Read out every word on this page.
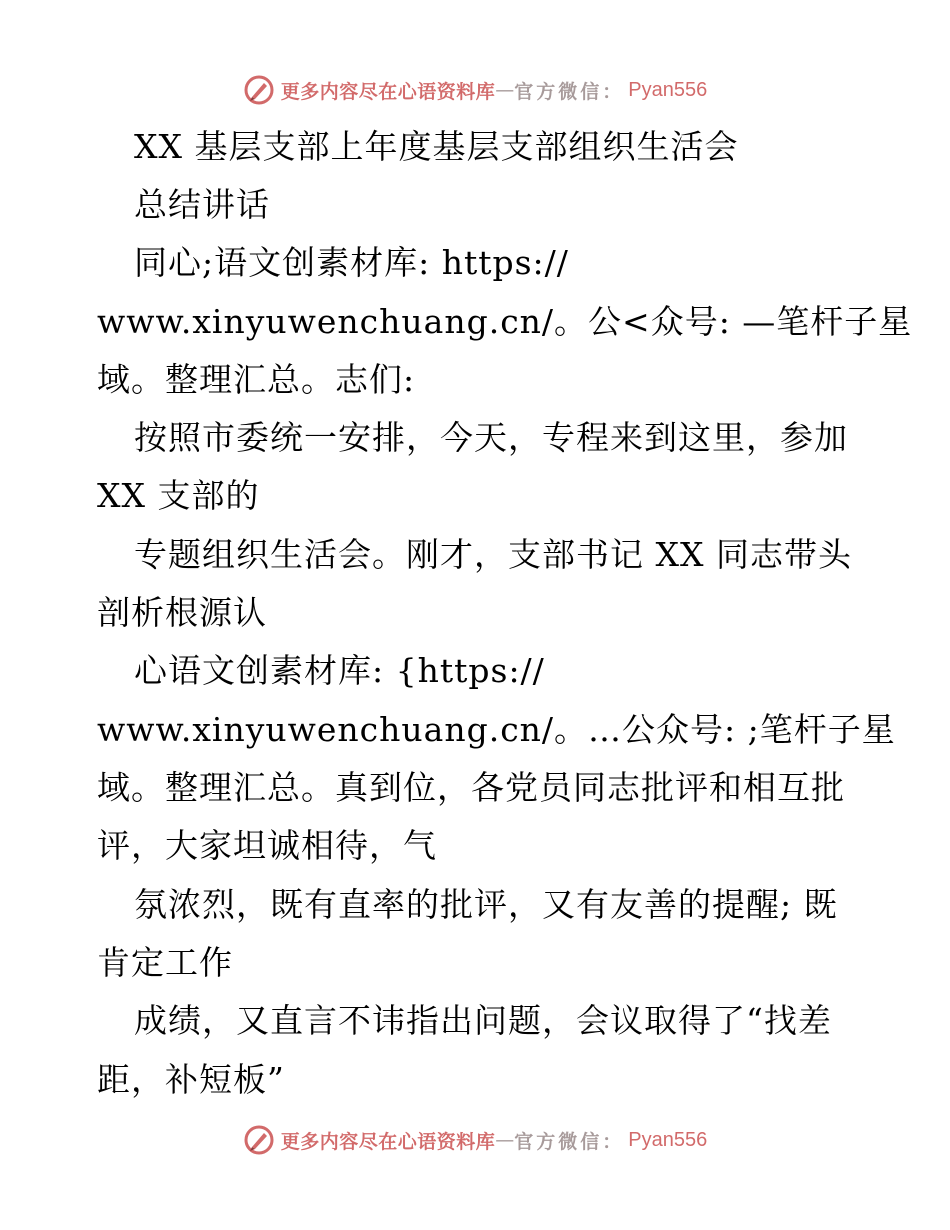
更多内容尽在心语资料库 — 官方微信： Pyan556
XX 基层支部上年度基层支部组织生活会
总结讲话
同心;语文创素材库: https://
www.xinyuwenchuang.cn/。公<众号: —笔杆子星
域。整理汇总。志们:
按照市委统一安排，今天，专程来到这里，参加
XX 支部的
专题组织生活会。刚才，支部书记 XX 同志带头
剖析根源认
心语文创素材库: {https://
www.xinyuwenchuang.cn/。…公众号: ;笔杆子星
域。整理汇总。真到位，各党员同志批评和相互批
评，大家坦诚相待，气
氛浓烈，既有直率的批评，又有友善的提醒; 既
肯定工作
成绩，又直言不讳指出问题，会议取得了“找差
距，补短板”
更多内容尽在心语资料库 — 官方微信： Pyan556
